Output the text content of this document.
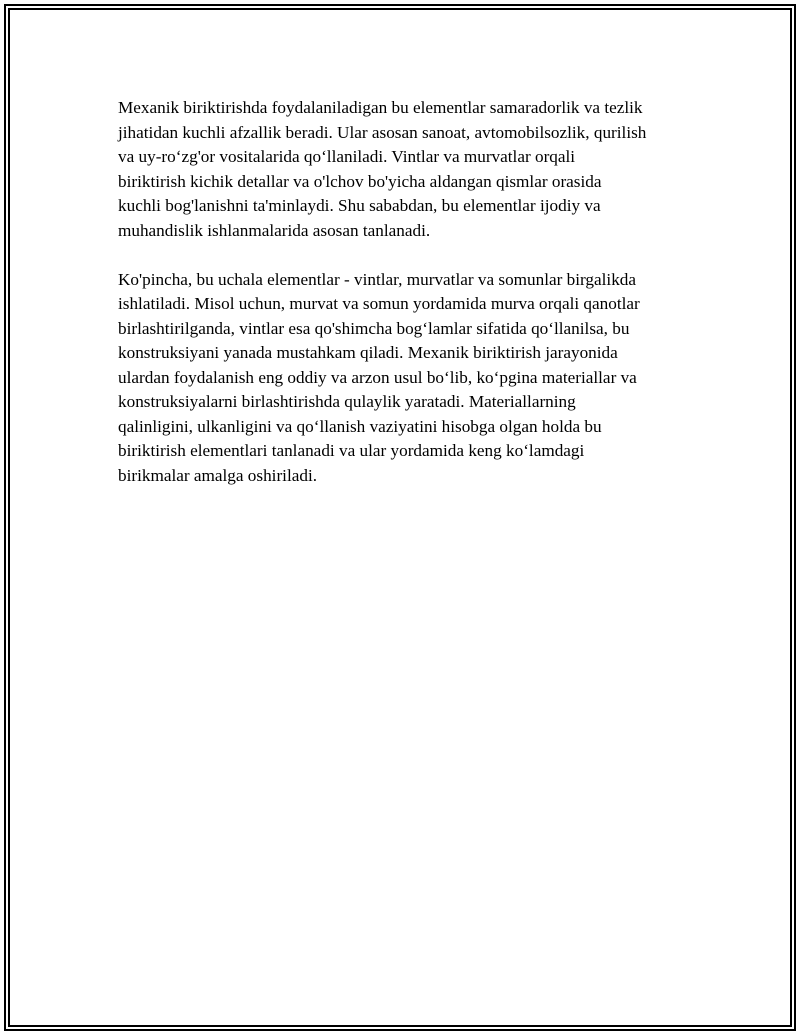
Mexanik biriktirishda foydalaniladigan bu elementlar samaradorlik va tezlik
jihatidan kuchli afzallik beradi. Ular asosan sanoat, avtomobilsozlik, qurilish
va uy-ro‘zg'or vositalarida qo‘llaniladi. Vintlar va murvatlar orqali
biriktirish kichik detallar va o'lchov bo'yicha aldangan qismlar orasida
kuchli bog'lanishni ta'minlaydi. Shu sababdan, bu elementlar ijodiy va
muhandislik ishlanmalarida asosan tanlanadi.

Ko'pincha, bu uchala elementlar - vintlar, murvatlar va somunlar birgalikda
ishlatiladi. Misol uchun, murvat va somun yordamida murva orqali qanotlar
birlashtirilganda, vintlar esa qo'shimcha bog‘lamlar sifatida qo‘llanilsa, bu
konstruksiyani yanada mustahkam qiladi. Mexanik biriktirish jarayonida
ulardan foydalanish eng oddiy va arzon usul bo‘lib, ko‘pgina materiallar va
konstruksiyalarni birlashtirishda qulaylik yaratadi. Materiallarning
qalinligini, ulkanligini va qo‘llanish vaziyatini hisobga olgan holda bu
biriktirish elementlari tanlanadi va ular yordamida keng ko‘lamdagi
birikmalar amalga oshiriladi.
